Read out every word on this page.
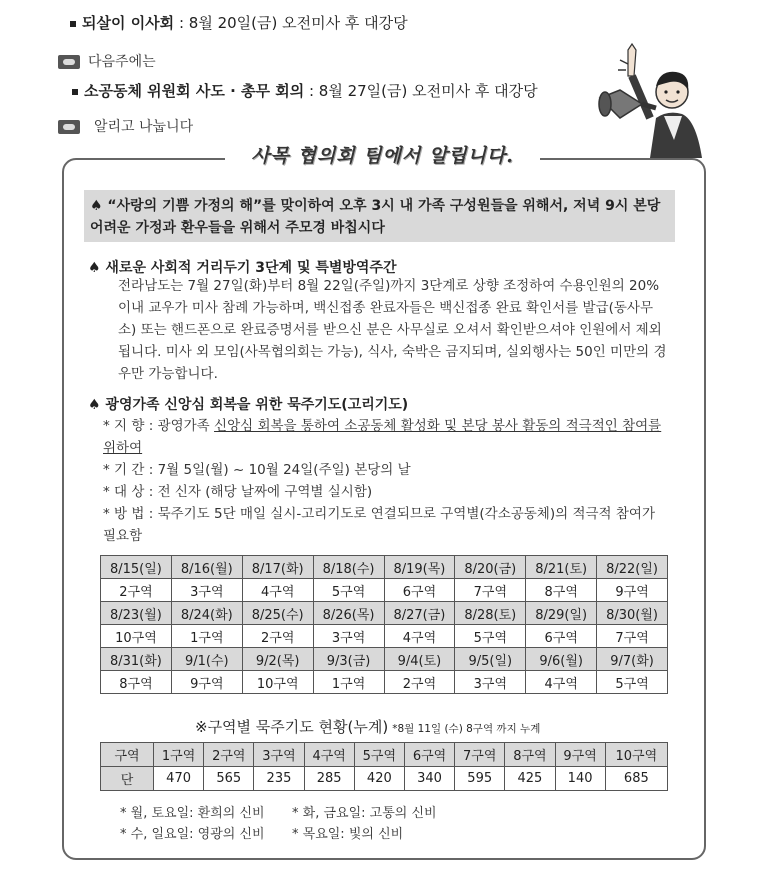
되살이 이사회 : 8월 20일(금) 오전미사 후 대강당
다음주에는
소공동체 위원회 사도 · 총무 회의 : 8월 27일(금) 오전미사 후 대강당
알리고 나눕니다
사목 협의회 팀에서 알립니다.
♠ “사랑의 기쁨 가정의 해”를 맞이하여 오후 3시 내 가족 구성원들을 위해서, 저녁 9시 본당 어려운 가정과 환우들을 위해서 주모경 바칩시다
♠ 새로운 사회적 거리두기 3단계 및 특별방역주간
전라남도는 7월 27일(화)부터 8월 22일(주일)까지 3단계로 상향 조정하여 수용인원의 20% 이내 교우가 미사 참례 가능하며, 백신접종 완료자들은 백신접종 완료 확인서를 발급(동사무소) 또는 핸드폰으로 완료증명서를 받으신 분은 사무실로 오셔서 확인받으셔야 인원에서 제외됩니다. 미사 외 모임(사목협의회는 가능), 식사, 숙박은 금지되며, 실외행사는 50인 미만의 경우만 가능합니다.
♠ 광영가족 신앙심 회복을 위한 묵주기도(고리기도)
* 지 향 : 광영가족 신앙심 회복을 통하여 소공동체 활성화 및 본당 봉사 활동의 적극적인 참여를 위하여
* 기 간 : 7월 5일(월) ~ 10월 24일(주일) 본당의 날
* 대 상 : 전 신자 (해당 날짜에 구역별 실시함)
* 방 법 : 묵주기도 5단 매일 실시-고리기도로 연결되므로 구역별(각소공동체)의 적극적 참여가 필요함
8/15(일)	8/16(월)	8/17(화)	8/18(수)	8/19(목)	8/20(금)	8/21(토)	8/22(일)
2구역	3구역	4구역	5구역	6구역	7구역	8구역	9구역
8/23(월)	8/24(화)	8/25(수)	8/26(목)	8/27(금)	8/28(토)	8/29(일)	8/30(월)
10구역	1구역	2구역	3구역	4구역	5구역	6구역	7구역
8/31(화)	9/1(수)	9/2(목)	9/3(금)	9/4(토)	9/5(일)	9/6(월)	9/7(화)
8구역	9구역	10구역	1구역	2구역	3구역	4구역	5구역
※구역별 묵주기도 현황(누계) *8월 11일 (수) 8구역 까지 누계
구역	1구역	2구역	3구역	4구역	5구역	6구역	7구역	8구역	9구역	10구역
단	470	565	235	285	420	340	595	425	140	685
* 월, 토요일: 환희의 신비 * 화, 금요일: 고통의 신비
* 수, 일요일: 영광의 신비 * 목요일: 빛의 신비
